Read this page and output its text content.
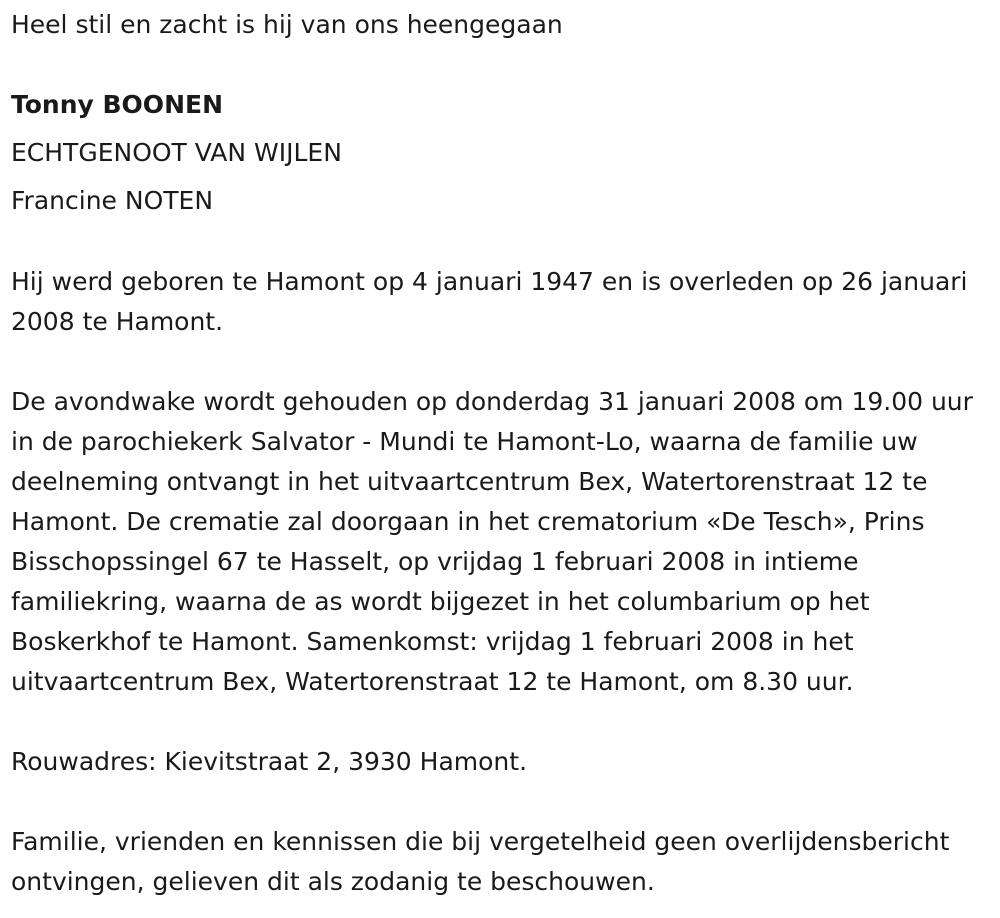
Heel stil en zacht is hij van ons heengegaan
Tonny BOONEN
ECHTGENOOT VAN WIJLEN
Francine NOTEN
Hij werd geboren te Hamont op 4 januari 1947 en is overleden op 26 januari 2008 te Hamont.
De avondwake wordt gehouden op donderdag 31 januari 2008 om 19.00 uur in de parochiekerk Salvator - Mundi te Hamont-Lo, waarna de familie uw deelneming ontvangt in het uitvaartcentrum Bex, Watertorenstraat 12 te Hamont. De crematie zal doorgaan in het crematorium «De Tesch», Prins Bisschopssingel 67 te Hasselt, op vrijdag 1 februari 2008 in intieme familiekring, waarna de as wordt bijgezet in het columbarium op het Boskerkhof te Hamont. Samenkomst: vrijdag 1 februari 2008 in het uitvaartcentrum Bex, Watertorenstraat 12 te Hamont, om 8.30 uur.
Rouwadres: Kievitstraat 2, 3930 Hamont.
Familie, vrienden en kennissen die bij vergetelheid geen overlijdensbericht ontvingen, gelieven dit als zodanig te beschouwen.
